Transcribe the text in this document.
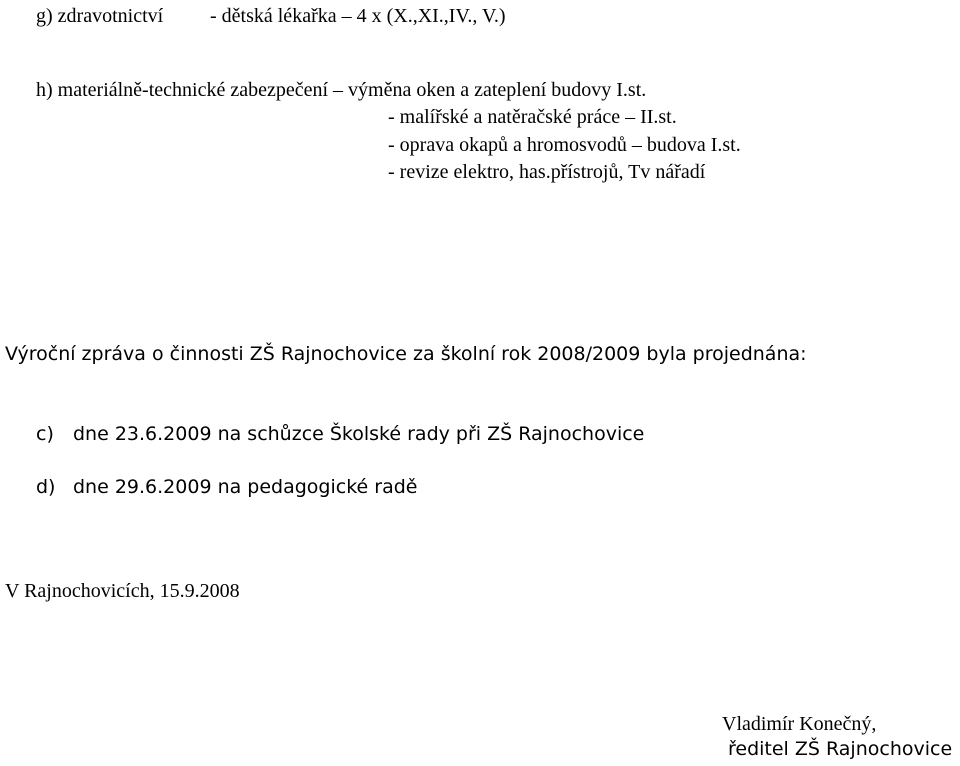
g) zdravotnictví - dětská lékařka – 4 x (X.,XI.,IV., V.)
h) materiálně-technické zabezpečení – výměna oken a zateplení budovy I.st.
- malířské a natěračské práce – II.st.
- oprava okapů a hromosvodů – budova I.st.
- revize elektro, has.přístrojů, Tv nářadí
Výroční zpráva o činnosti ZŠ Rajnochovice za školní rok 2008/2009 byla projednána:
c) dne 23.6.2009 na schůzce Školské rady při ZŠ Rajnochovice
d) dne 29.6.2009 na pedagogické radě
V Rajnochovicích, 15.9.2008
Vladimír Konečný,
ředitel ZŠ Rajnochovice
